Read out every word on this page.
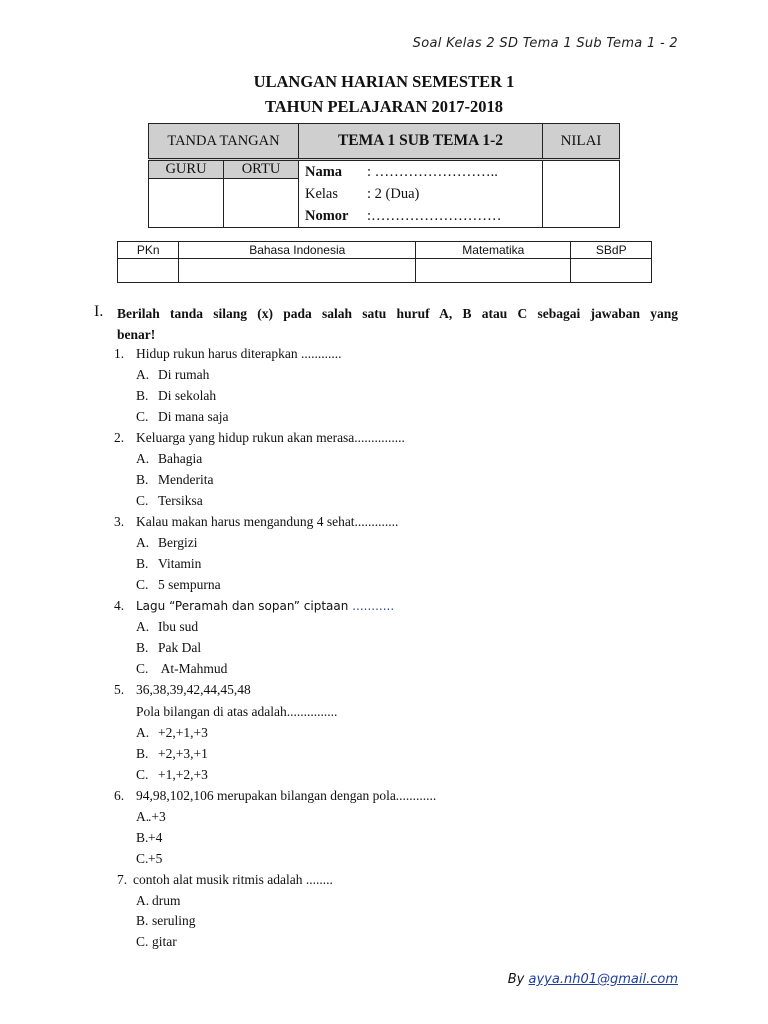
Soal Kelas 2 SD Tema 1 Sub Tema 1 - 2
ULANGAN HARIAN SEMESTER 1
TAHUN PELAJARAN 2017-2018
TANDA TANGAN		TEMA 1 SUB TEMA 1-2	NILAI
GURU	ORTU	Nama : ……………………..
Kelas : 2 (Dua)
Nomor :………………………	

PKn	Bahasa Indonesia	Matematika	SBdP

I. Berilah tanda silang (x) pada salah satu huruf A, B atau C sebagai jawaban yang
benar!
1. Hidup rukun harus diterapkan ............
A. Di rumah
B. Di sekolah
C. Di mana saja
2. Keluarga yang hidup rukun akan merasa...............
A. Bahagia
B. Menderita
C. Tersiksa
3. Kalau makan harus mengandung 4 sehat.............
A. Bergizi
B. Vitamin
C. 5 sempurna
4. Lagu “Peramah dan sopan” ciptaan ...........
A. Ibu sud
B. Pak Dal
C. At-Mahmud
5. 36,38,39,42,44,45,48
Pola bilangan di atas adalah...............
A. +2,+1,+3
B. +2,+3,+1
C. +1,+2,+3
6. 94,98,102,106 merupakan bilangan dengan pola............
A..+3
B.+4
C.+5
7. contoh alat musik ritmis adalah ........
A. drum
B. seruling
C. gitar
By ayya.nh01@gmail.com
